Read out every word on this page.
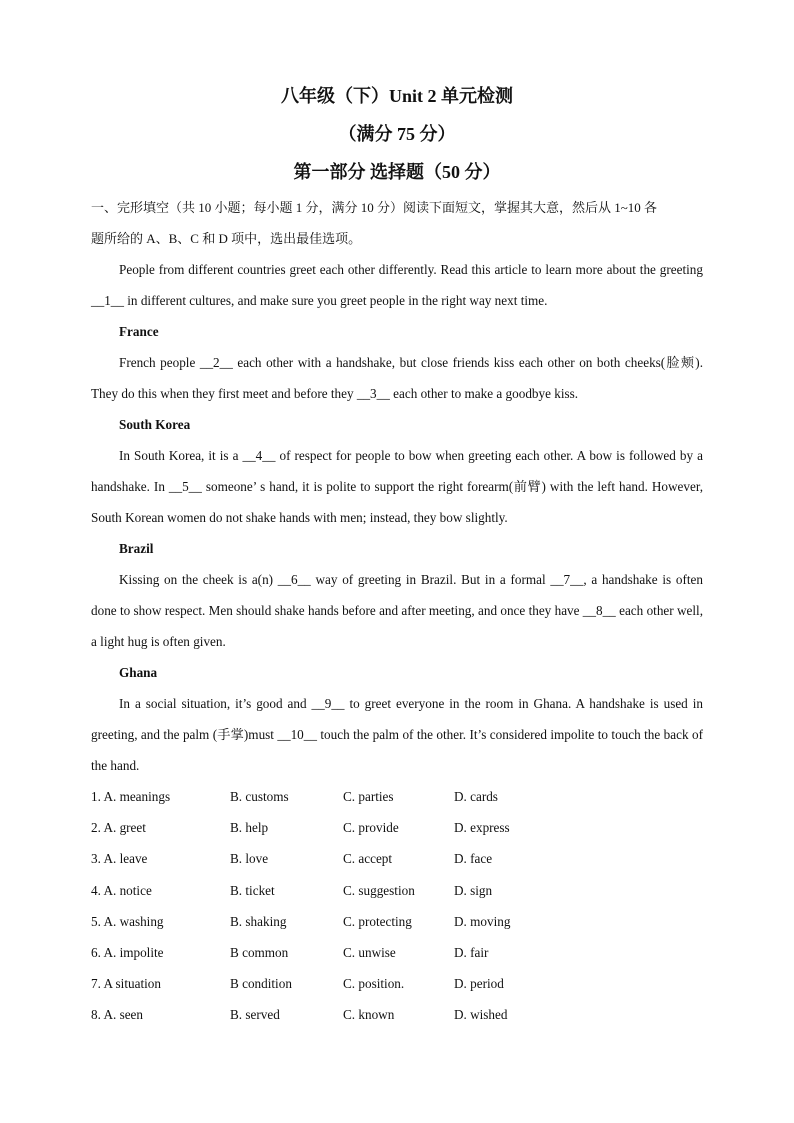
八年级（下）Unit 2 单元检测

（满分 75 分）

第一部分 选择题（50 分）

一、完形填空（共 10 小题；每小题 1 分，满分 10 分）阅读下面短文，掌握其大意，然后从 1~10 各

题所给的 A、B、C 和 D 项中，选出最佳选项。

People from different countries greet each other differently. Read this article to learn more about the greeting __1__ in different cultures, and make sure you greet people in the right way next time.

France

French people __2__ each other with a handshake, but close friends kiss each other on both cheeks(脸颊). They do this when they first meet and before they __3__ each other to make a goodbye kiss.

South Korea

In South Korea, it is a __4__ of respect for people to bow when greeting each other. A bow is followed by a handshake. In __5__ someone’ s hand, it is polite to support the right forearm(前臂) with the left hand. However, South Korean women do not shake hands with men; instead, they bow slightly.

Brazil

Kissing on the cheek is a(n) __6__ way of greeting in Brazil. But in a formal __7__, a handshake is often done to show respect. Men should shake hands before and after meeting, and once they have __8__ each other well, a light hug is often given.

Ghana

In a social situation, it’s good and __9__ to greet everyone in the room in Ghana. A handshake is used in greeting, and the palm (手掌)must __10__ touch the palm of the other. It’s considered impolite to touch the back of the hand.

1. A. meanings	B. customs	C. parties	D. cards
2. A. greet	B. help	C. provide	D. express
3. A. leave	B. love	C. accept	D. face
4. A. notice	B. ticket	C. suggestion	D. sign
5. A. washing	B. shaking	C. protecting	D. moving
6. A. impolite	B common	C. unwise	D. fair
7. A situation	B condition	C. position.	D. period
8. A. seen	B. served	C. known	D. wished
